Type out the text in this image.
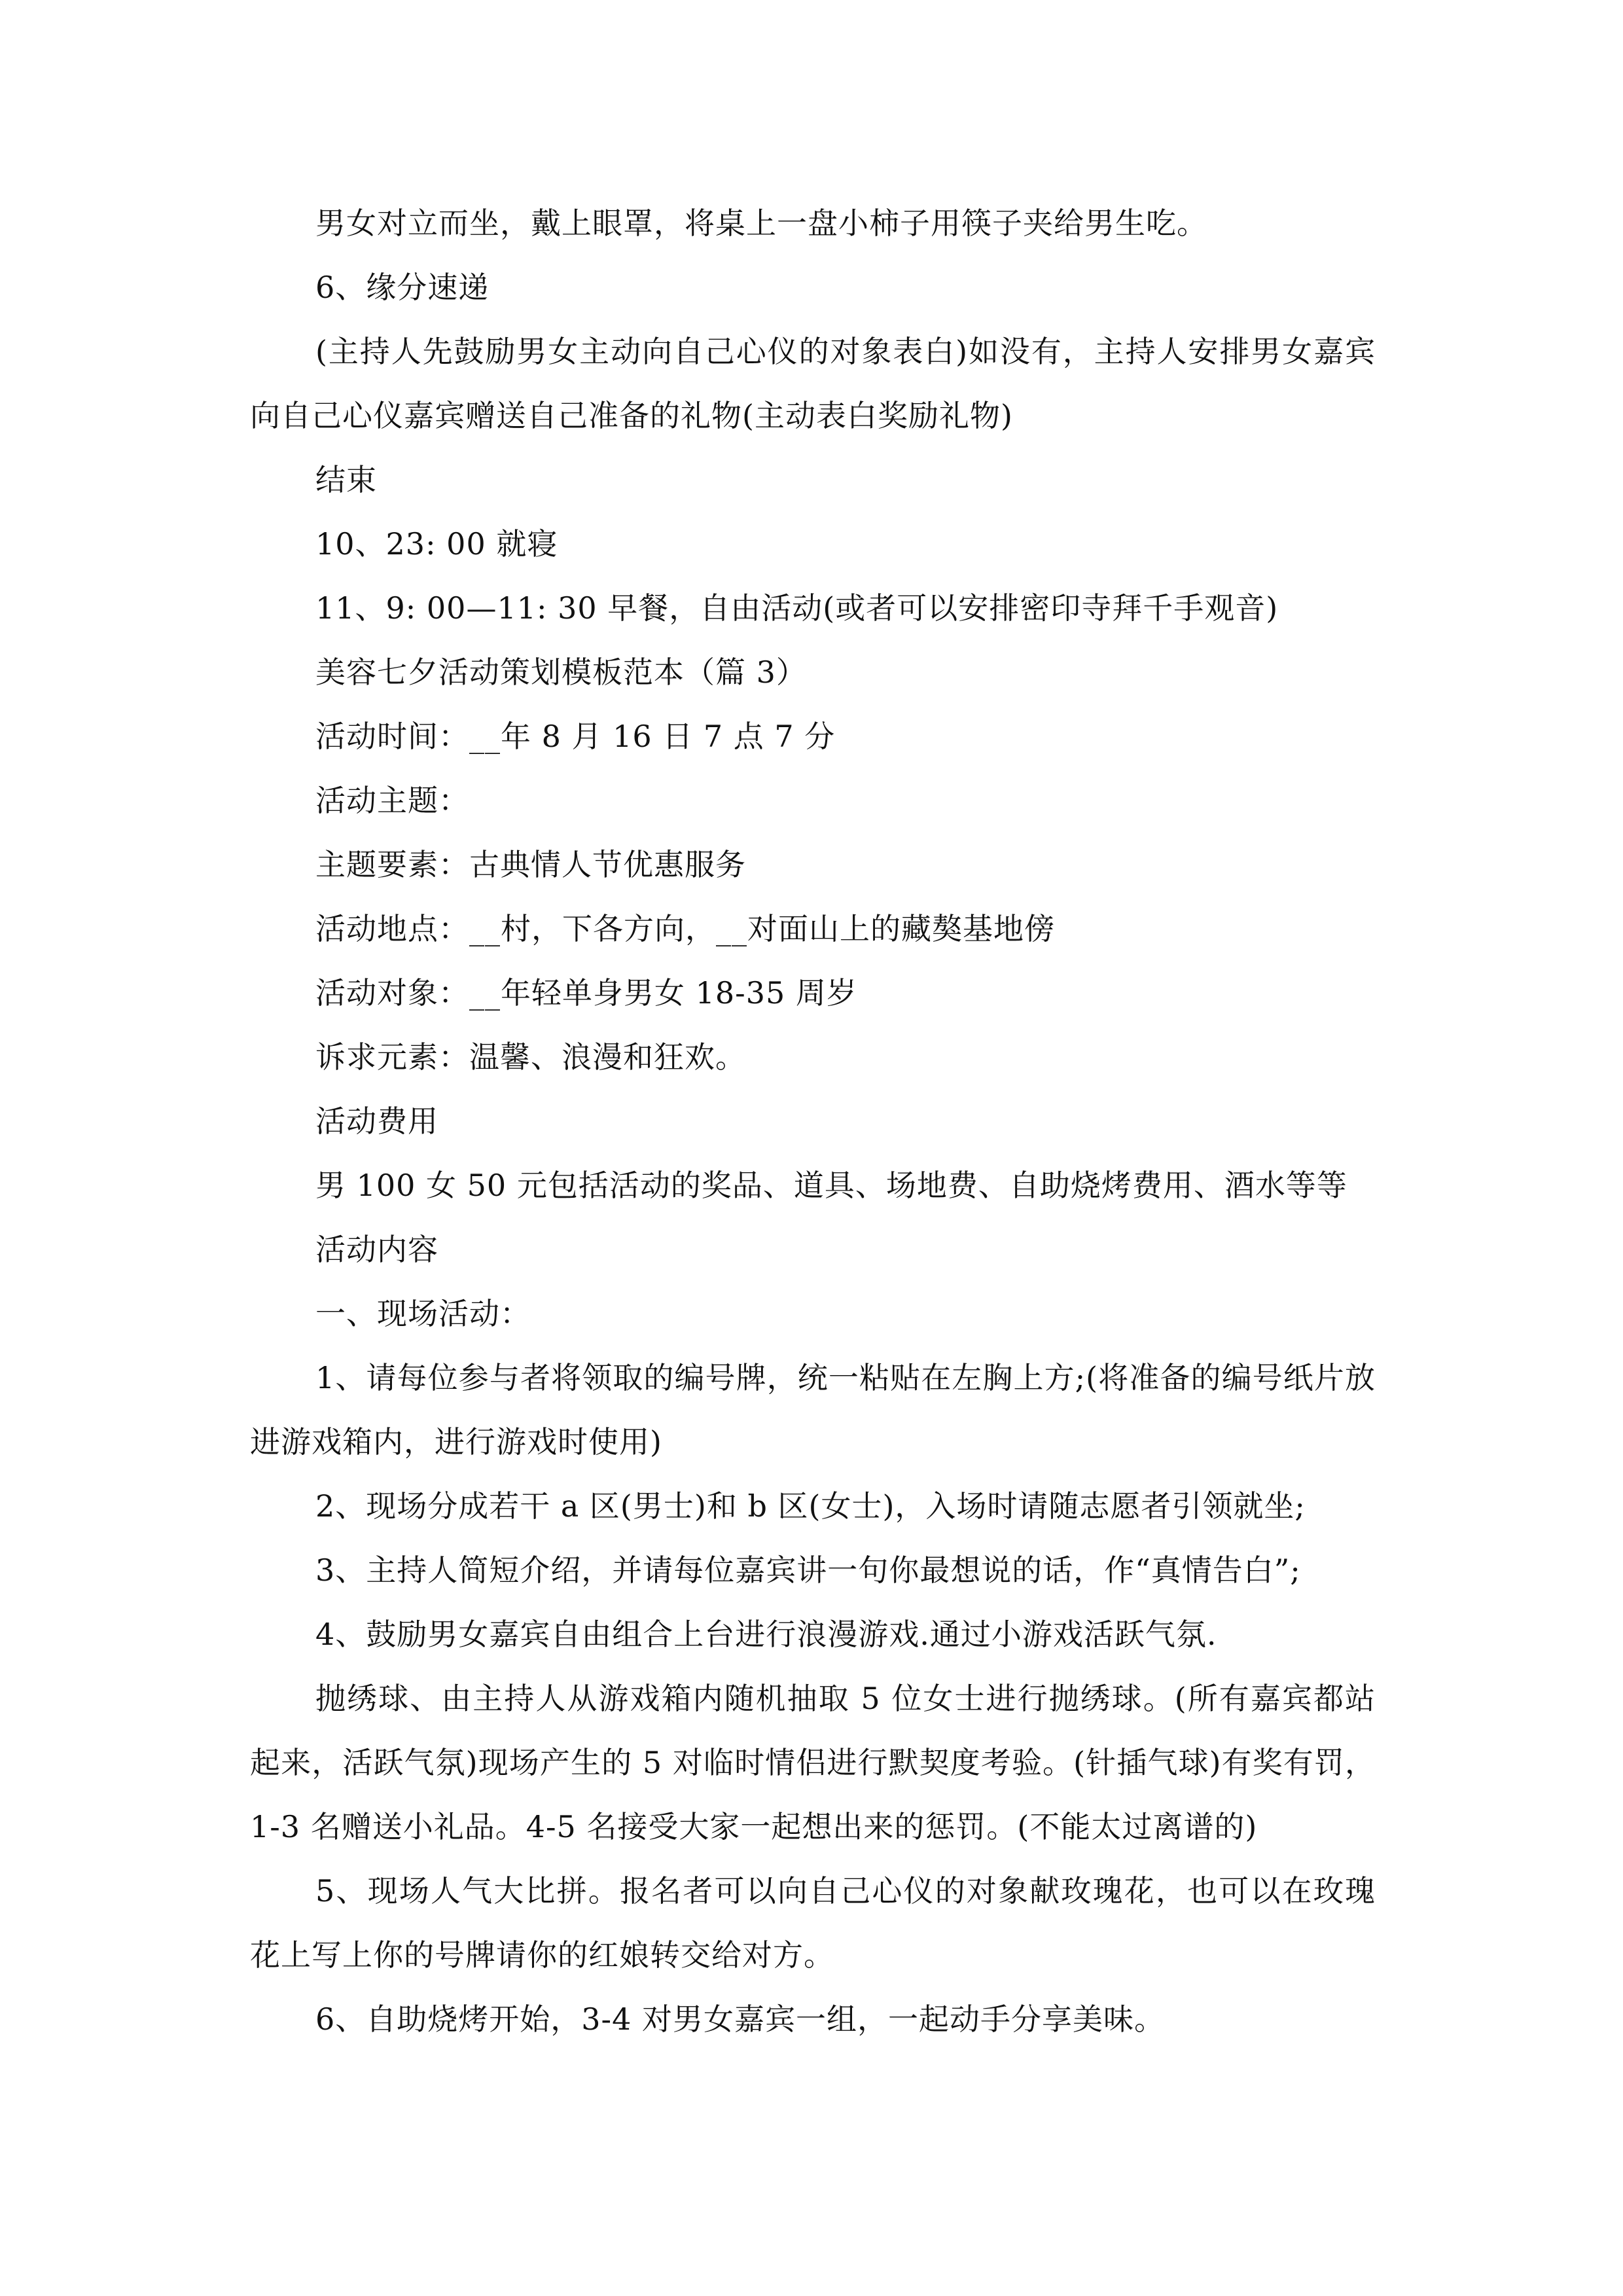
男女对立而坐，戴上眼罩，将桌上一盘小柿子用筷子夹给男生吃。

6、缘分速递

(主持人先鼓励男女主动向自己心仪的对象表白)如没有，主持人安排男女嘉宾向自己心仪嘉宾赠送自己准备的礼物(主动表白奖励礼物)

结束

10、23: 00 就寝

11、9: 00—11: 30 早餐，自由活动(或者可以安排密印寺拜千手观音)

美容七夕活动策划模板范本（篇 3）

活动时间：__年 8 月 16 日 7 点 7 分

活动主题：

主题要素：古典情人节优惠服务

活动地点：__村，下各方向，__对面山上的藏獒基地傍

活动对象：__年轻单身男女 18-35 周岁

诉求元素：温馨、浪漫和狂欢。

活动费用

男 100 女 50 元包括活动的奖品、道具、场地费、自助烧烤费用、酒水等等

活动内容

一、现场活动：

1、请每位参与者将领取的编号牌，统一粘贴在左胸上方;(将准备的编号纸片放进游戏箱内，进行游戏时使用)

2、现场分成若干 a 区(男士)和 b 区(女士)，入场时请随志愿者引领就坐;

3、主持人简短介绍，并请每位嘉宾讲一句你最想说的话，作“真情告白”;

4、鼓励男女嘉宾自由组合上台进行浪漫游戏.通过小游戏活跃气氛.

抛绣球、由主持人从游戏箱内随机抽取 5 位女士进行抛绣球。(所有嘉宾都站起来，活跃气氛)现场产生的 5 对临时情侣进行默契度考验。(针插气球)有奖有罚，1-3 名赠送小礼品。4-5 名接受大家一起想出来的惩罚。(不能太过离谱的)

5、现场人气大比拼。报名者可以向自己心仪的对象献玫瑰花，也可以在玫瑰花上写上你的号牌请你的红娘转交给对方。

6、自助烧烤开始，3-4 对男女嘉宾一组，一起动手分享美味。
